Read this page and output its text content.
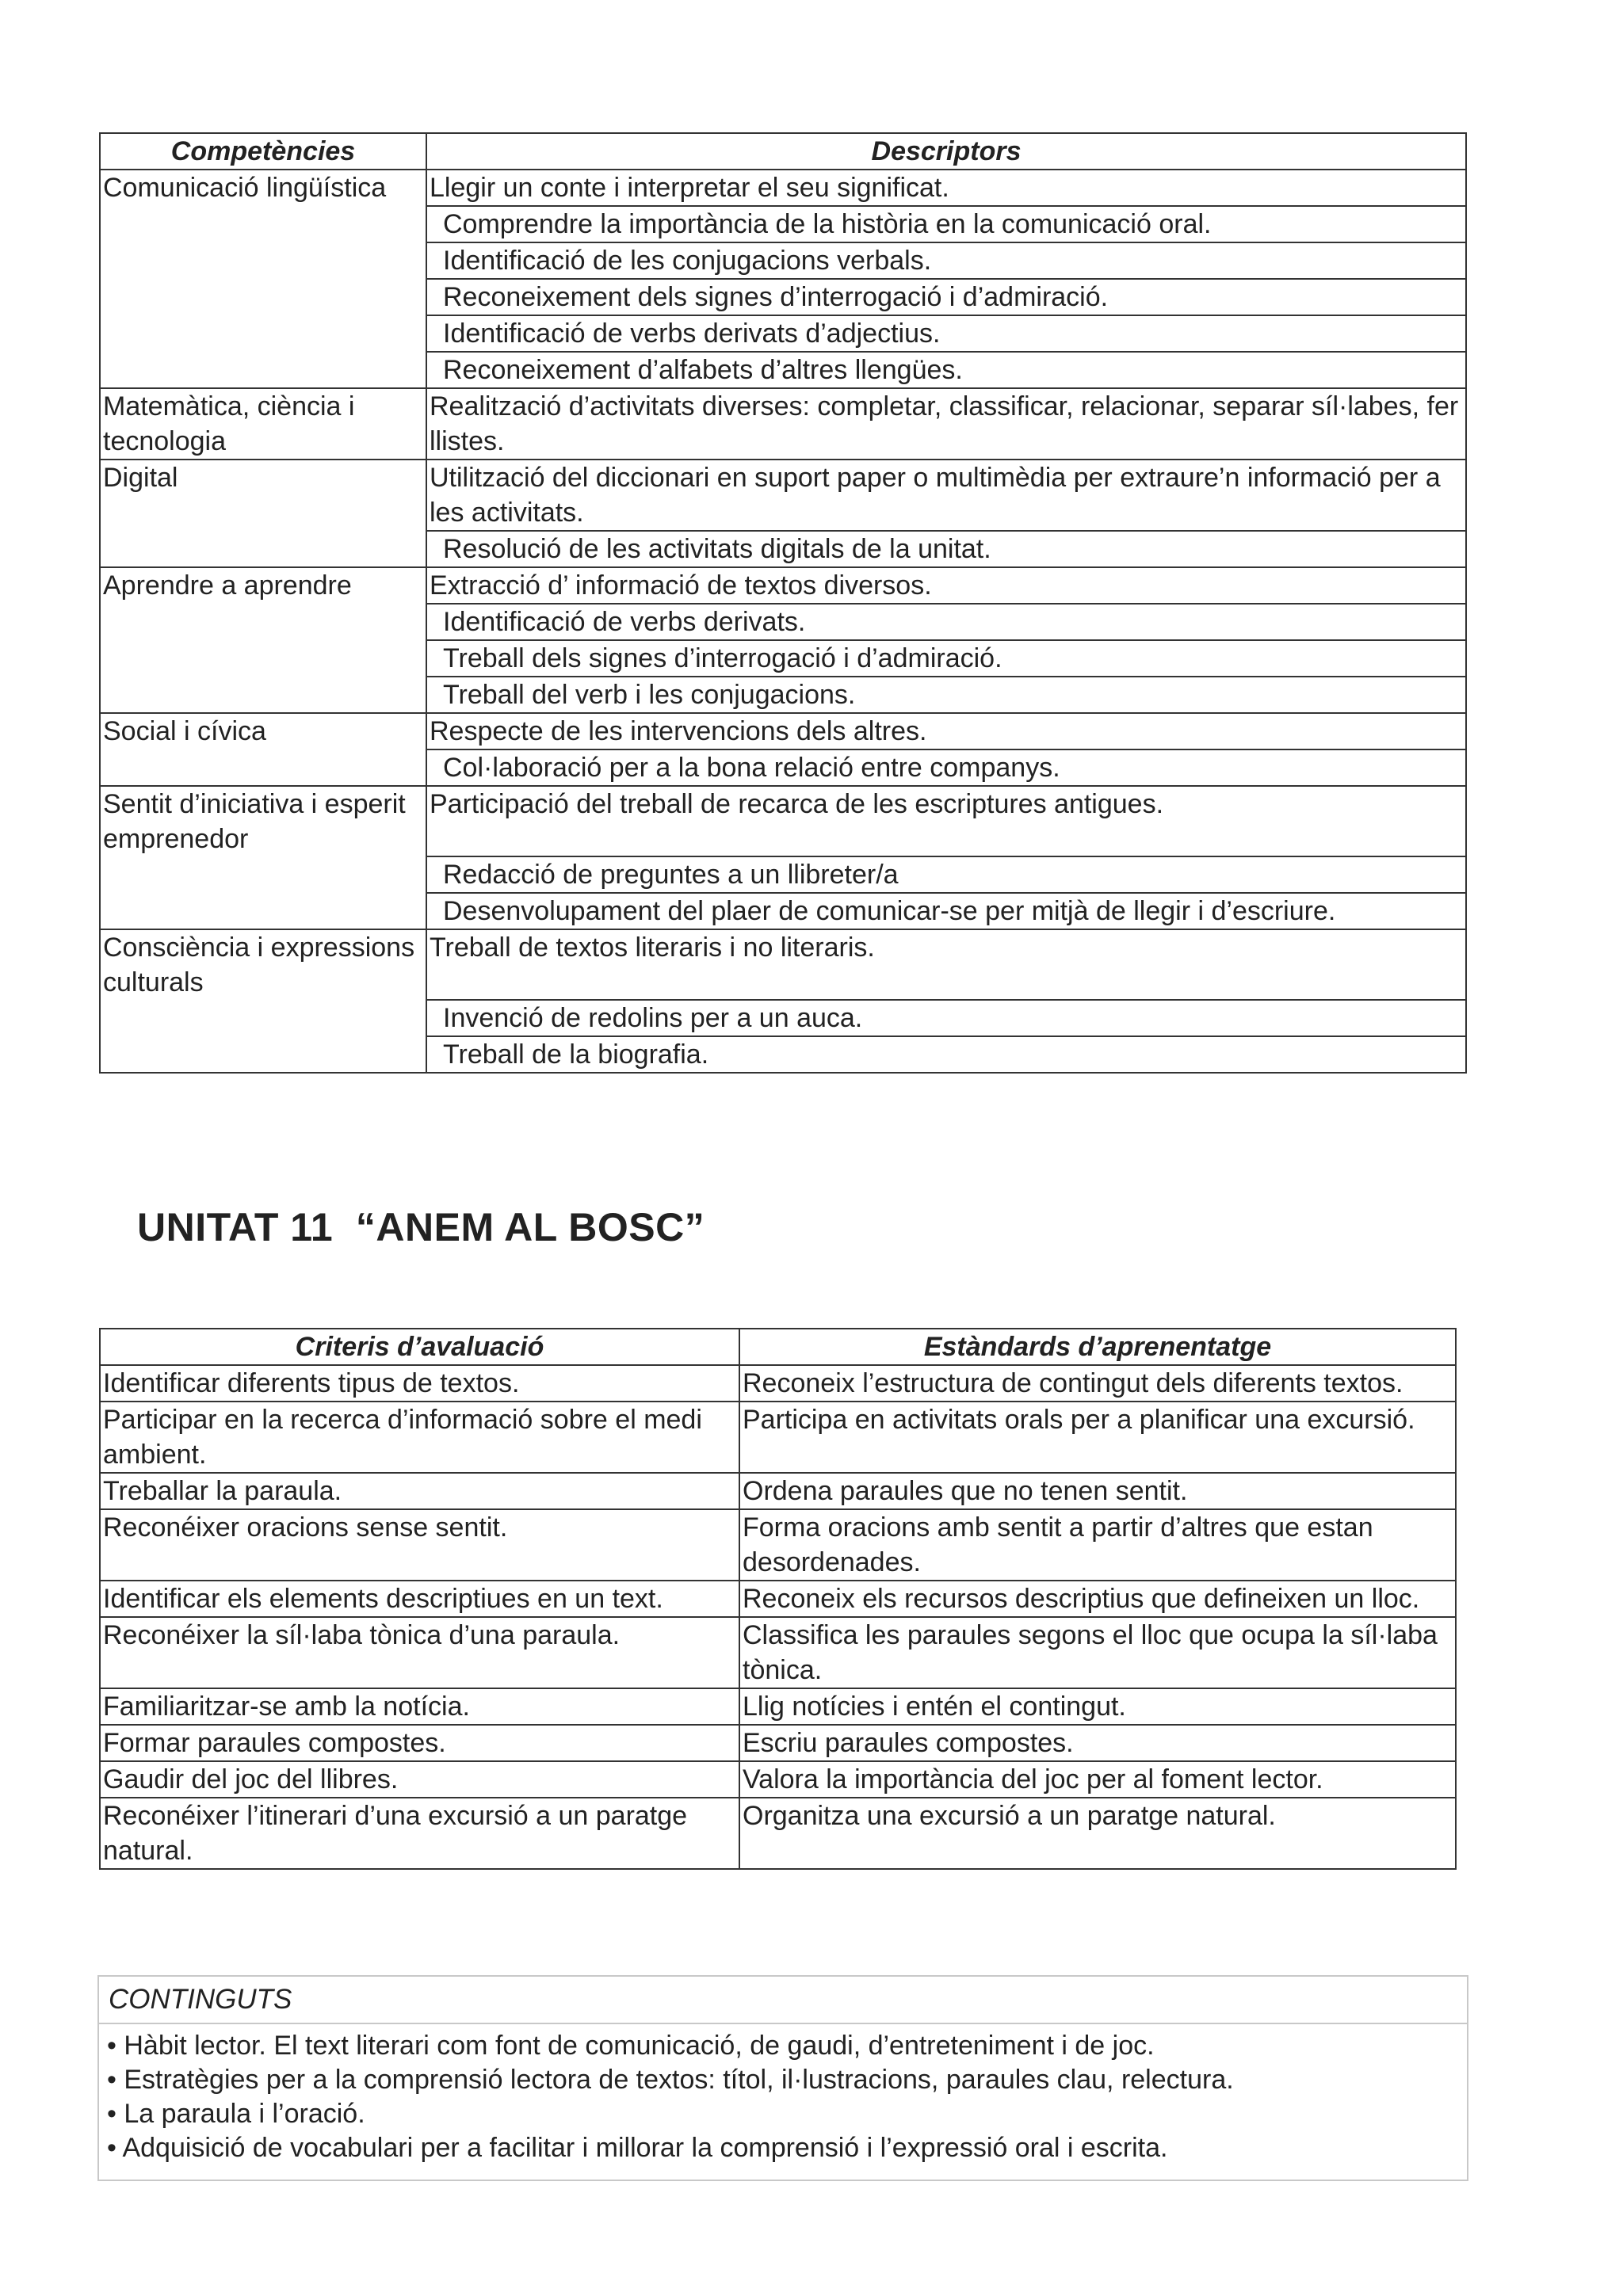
Competències	Descriptors
Comunicació lingüística	Llegir un conte i interpretar el seu significat.
	Comprendre la importància de la història en la comunicació oral.
	Identificació de les conjugacions verbals.
	Reconeixement dels signes d’interrogació i d’admiració.
	Identificació de verbs derivats d’adjectius.
	Reconeixement d’alfabets d’altres llengües.
Matemàtica, ciència i tecnologia	Realització d’activitats diverses: completar, classificar, relacionar, separar síl·labes, fer llistes.
Digital	Utilització del diccionari en suport paper o multimèdia per extraure’n informació per a les activitats.
	Resolució de les activitats digitals de la unitat.
Aprendre a aprendre	Extracció d’ informació de textos diversos.
	Identificació de verbs derivats.
	Treball dels signes d’interrogació i d’admiració.
	Treball del verb i les conjugacions.
Social i cívica	Respecte de les intervencions dels altres.
	Col·laboració per a la bona relació entre companys.
Sentit d’iniciativa i esperit emprenedor	Participació del treball de recarca de les escriptures antigues.
	Redacció de preguntes a un llibreter/a
	Desenvolupament del plaer de comunicar-se per mitjà de llegir i d’escriure.
Consciència i expressions culturals	Treball de textos literaris i no literaris.
	Invenció de redolins per a un auca.
	Treball de la biografia.
UNITAT 11  “ANEM AL BOSC”
Criteris d’avaluació	Estàndards d’aprenentatge
Identificar diferents tipus de textos.	Reconeix l’estructura de contingut dels diferents textos.
Participar en la recerca d’informació sobre el medi ambient.	Participa en activitats orals per a planificar una excursió.
Treballar la paraula.	Ordena paraules que no tenen sentit.
Reconéixer oracions sense sentit.	Forma oracions amb sentit a partir d’altres que estan desordenades.
Identificar els elements descriptiues en un text.	Reconeix els recursos descriptius que defineixen un lloc.
Reconéixer la síl·laba tònica d’una paraula.	Classifica les paraules segons el lloc que ocupa la síl·laba tònica.
Familiaritzar-se amb la notícia.	Llig notícies i entén el contingut.
Formar paraules compostes.	Escriu paraules compostes.
Gaudir del joc del llibres.	Valora la importància del joc per al foment lector.
Reconéixer l’itinerari d’una excursió a un paratge natural.	Organitza una excursió a un paratge natural.
CONTINGUTS
• Hàbit lector. El text literari com font de comunicació, de gaudi, d’entreteniment i de joc.
• Estratègies per a la comprensió lectora de textos: títol, il·lustracions, paraules clau, relectura.
• La paraula i l’oració.
• Adquisició de vocabulari per a facilitar i millorar la comprensió i l’expressió oral i escrita.
